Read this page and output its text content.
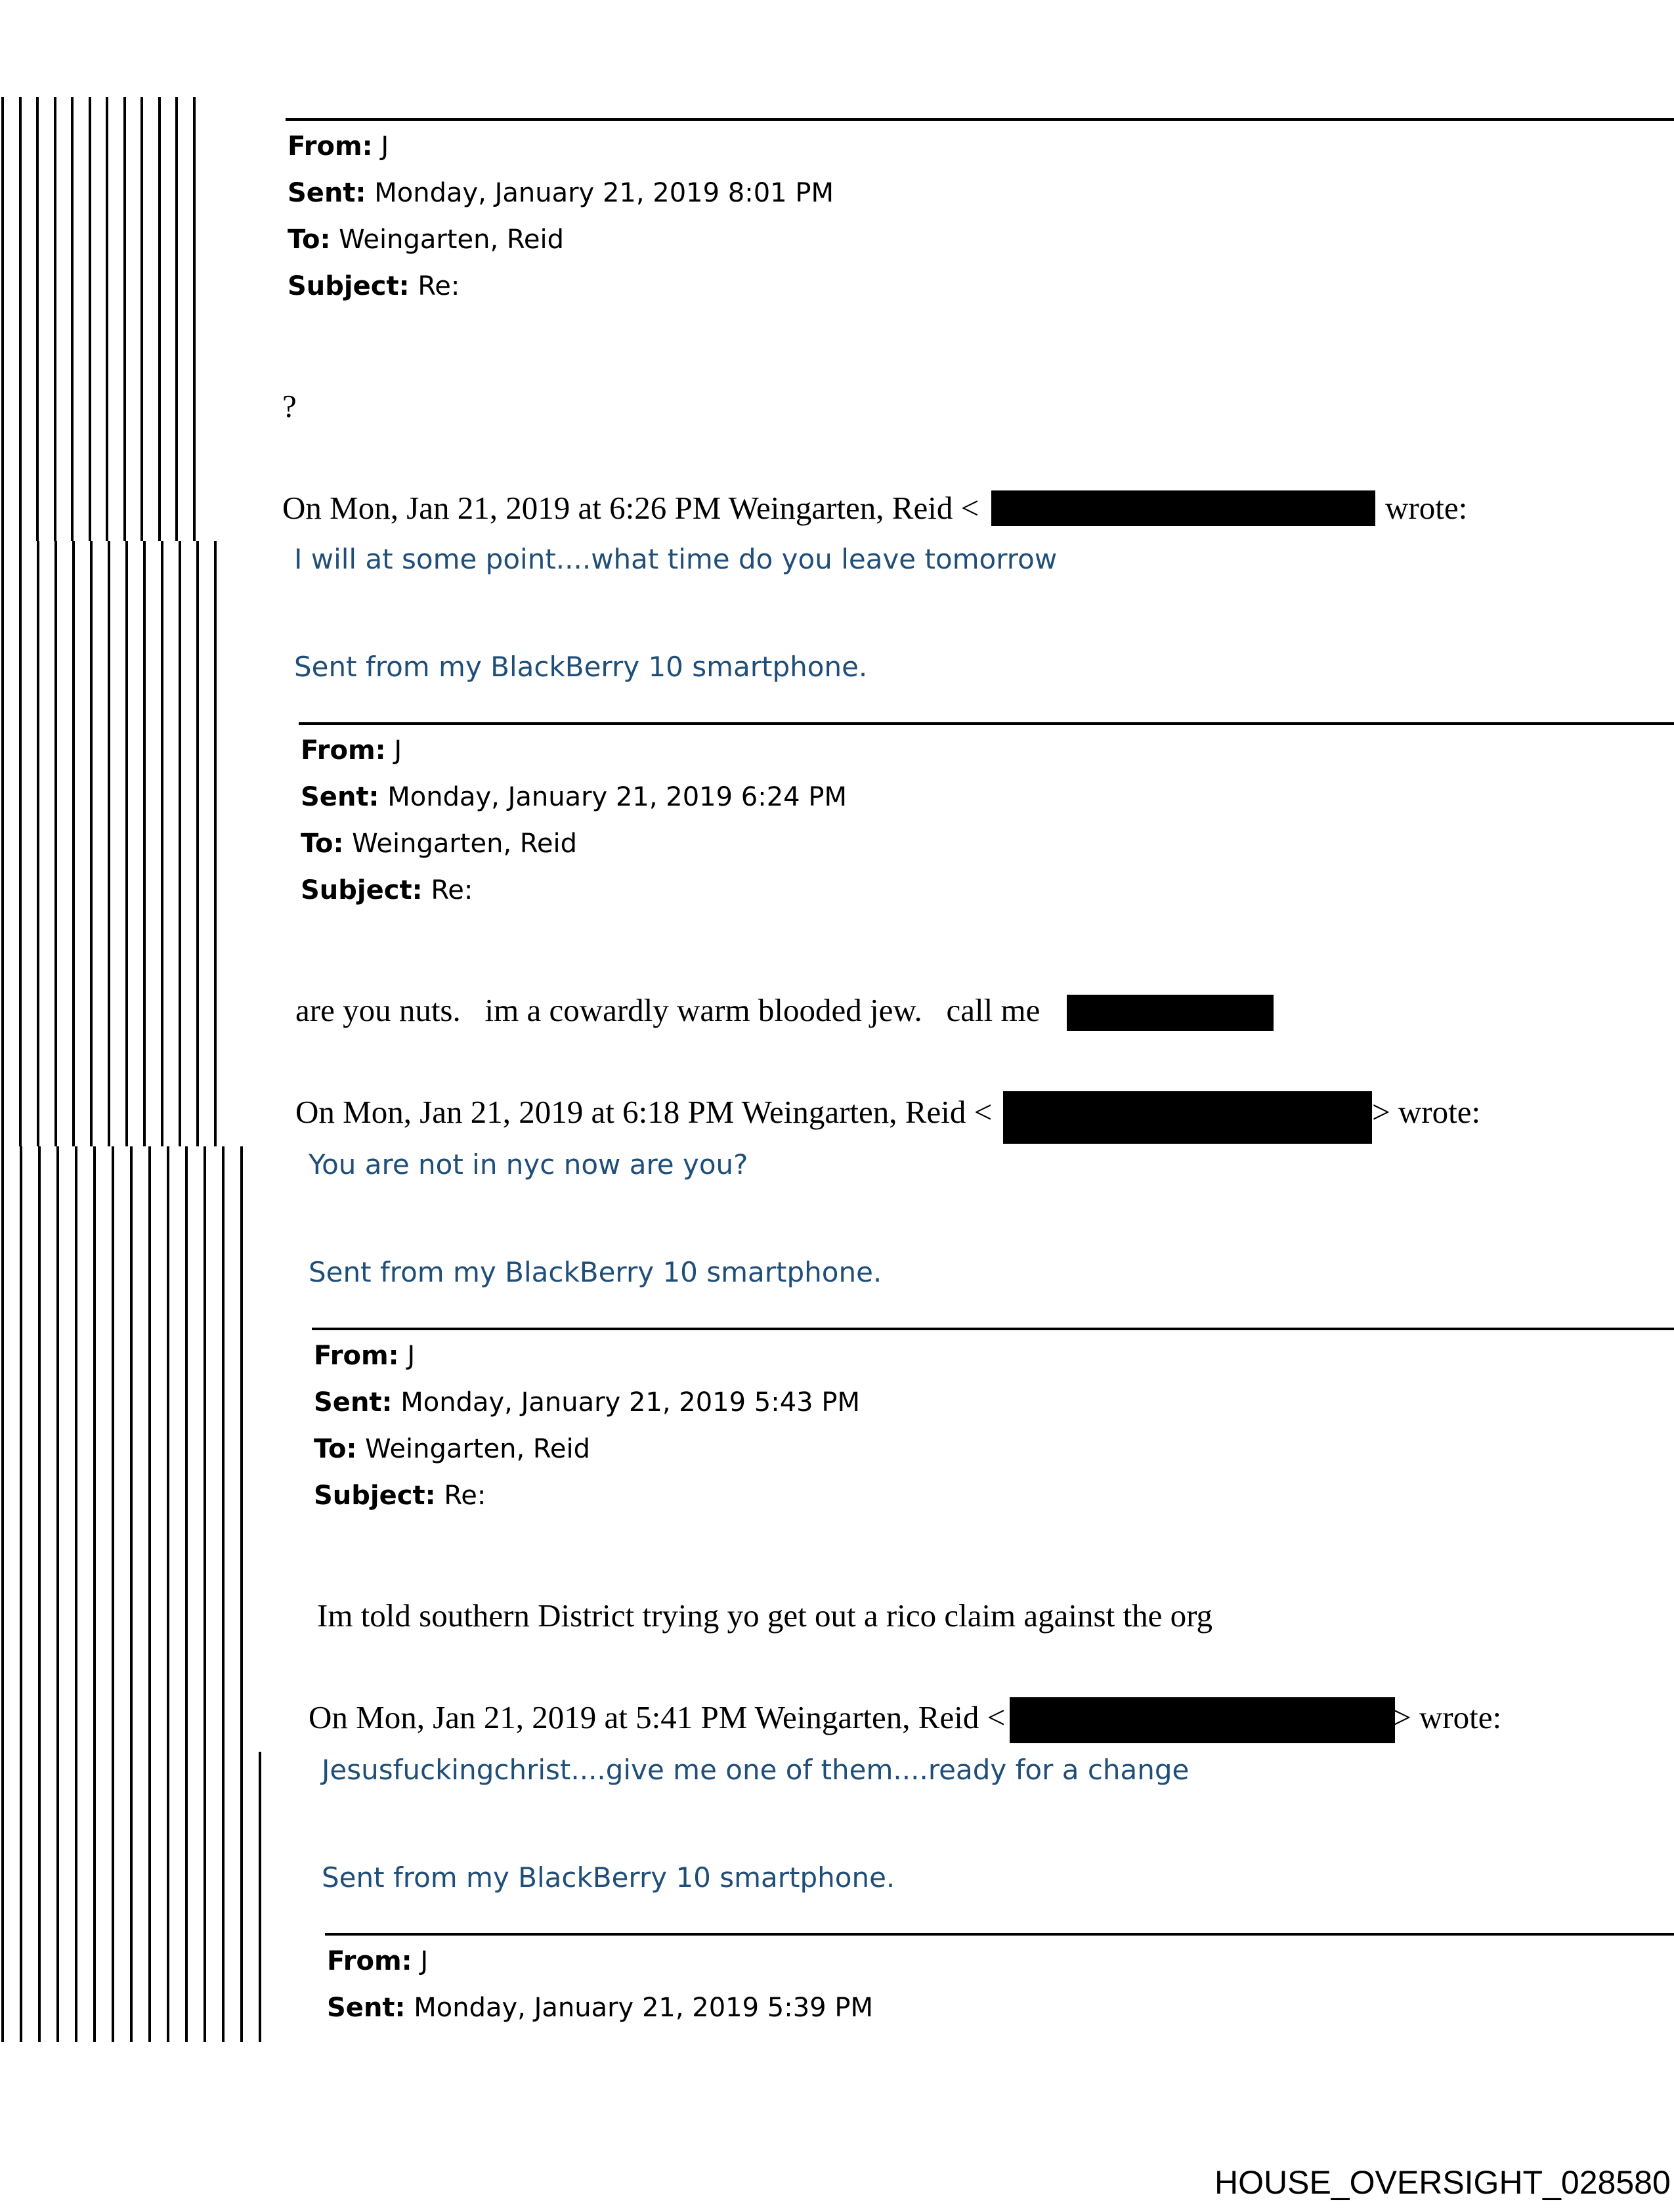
From: J
Sent: Monday, January 21, 2019 8:01 PM
To: Weingarten, Reid
Subject: Re:
?
On Mon, Jan 21, 2019 at 6:26 PM Weingarten, Reid <	wrote:
I will at some point....what time do you leave tomorrow
Sent from my BlackBerry 10 smartphone.
From: J
Sent: Monday, January 21, 2019 6:24 PM
To: Weingarten, Reid
Subject: Re:
are you nuts.   im a cowardly warm blooded jew.   call me
On Mon, Jan 21, 2019 at 6:18 PM Weingarten, Reid <	> wrote:
You are not in nyc now are you?
Sent from my BlackBerry 10 smartphone.
From: J
Sent: Monday, January 21, 2019 5:43 PM
To: Weingarten, Reid
Subject: Re:
Im told southern District trying yo get out a rico claim against the org
On Mon, Jan 21, 2019 at 5:41 PM Weingarten, Reid <	> wrote:
Jesusfuckingchrist....give me one of them....ready for a change
Sent from my BlackBerry 10 smartphone.
From: J
Sent: Monday, January 21, 2019 5:39 PM
HOUSE_OVERSIGHT_028580
